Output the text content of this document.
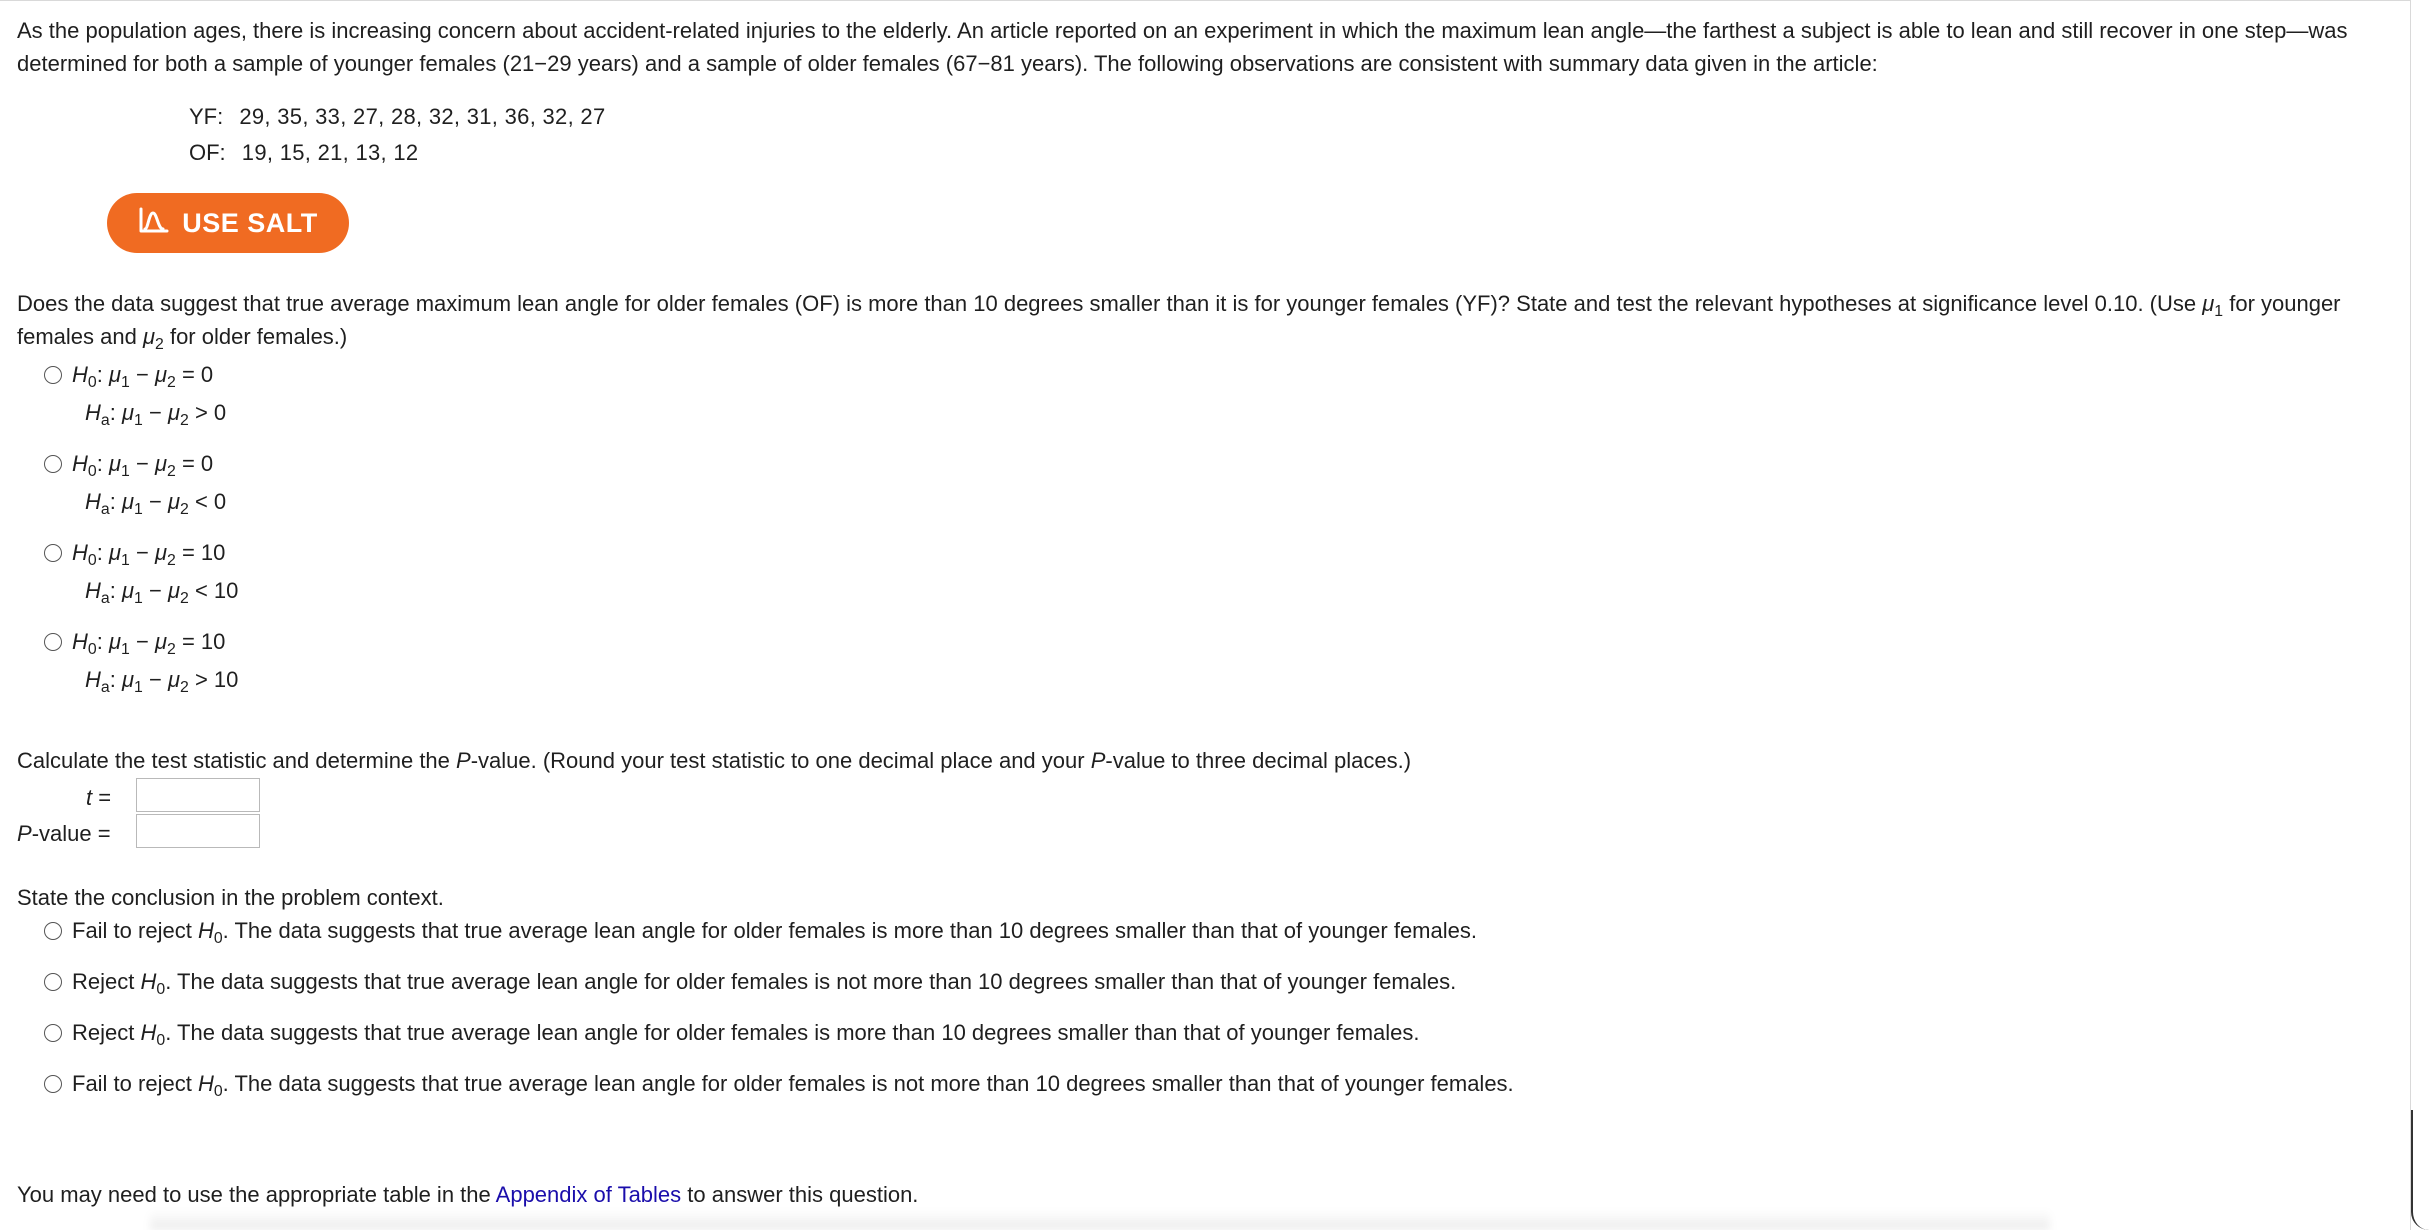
As the population ages, there is increasing concern about accident-related injuries to the elderly. An article reported on an experiment in which the maximum lean angle—the farthest a subject is able to lean and still recover in one step—was determined for both a sample of younger females (21−29 years) and a sample of older females (67−81 years). The following observations are consistent with summary data given in the article:

YF: 29, 35, 33, 27, 28, 32, 31, 36, 32, 27
OF: 19, 15, 21, 13, 12
USE SALT

Does the data suggest that true average maximum lean angle for older females (OF) is more than 10 degrees smaller than it is for younger females (YF)? State and test the relevant hypotheses at significance level 0.10. (Use $\mu_1$ for younger females and $\mu_2$ for older females.)

$H_0$: $\mu_1 - \mu_2 = 0$
$H_a$: $\mu_1 - \mu_2 > 0$
$H_0$: $\mu_1 - \mu_2 = 0$
$H_a$: $\mu_1 - \mu_2 < 0$
$H_0$: $\mu_1 - \mu_2 = 10$
$H_a$: $\mu_1 - \mu_2 < 10$
$H_0$: $\mu_1 - \mu_2 = 10$
$H_a$: $\mu_1 - \mu_2 > 10$
Calculate the test statistic and determine the P-value. (Round your test statistic to one decimal place and your P-value to three decimal places.)
t =
P-value =
State the conclusion in the problem context.
Fail to reject $H_0$. The data suggests that true average lean angle for older females is more than 10 degrees smaller than that of younger females.
Reject $H_0$. The data suggests that true average lean angle for older females is not more than 10 degrees smaller than that of younger females.
Reject $H_0$. The data suggests that true average lean angle for older females is more than 10 degrees smaller than that of younger females.
Fail to reject $H_0$. The data suggests that true average lean angle for older females is not more than 10 degrees smaller than that of younger females.
You may need to use the appropriate table in the Appendix of Tables to answer this question.
